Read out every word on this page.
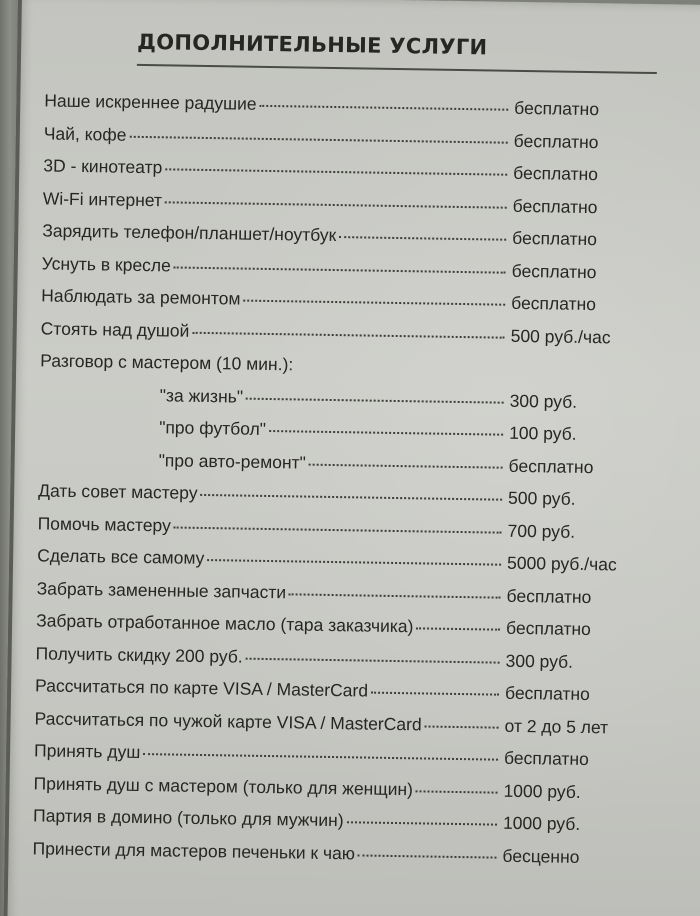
ДОПОЛНИТЕЛЬНЫЕ УСЛУГИ
Наше искреннее радушие	бесплатно
Чай, кофе	бесплатно
3D - кинотеатр	бесплатно
Wi-Fi интернет	бесплатно
Зарядить телефон/планшет/ноутбук	бесплатно
Уснуть в кресле	бесплатно
Наблюдать за ремонтом	бесплатно
Стоять над душой	500 руб./час
Разговор с мастером (10 мин.):
"за жизнь"	300 руб.
"про футбол"	100 руб.
"про авто-ремонт"	бесплатно
Дать совет мастеру	500 руб.
Помочь мастеру	700 руб.
Сделать все самому	5000 руб./час
Забрать замененные запчасти	бесплатно
Забрать отработанное масло (тара заказчика)	бесплатно
Получить скидку 200 руб.	300 руб.
Рассчитаться по карте VISA / MasterCard	бесплатно
Рассчитаться по чужой карте VISA / MasterCard	от 2 до 5 лет
Принять душ	бесплатно
Принять душ с мастером (только для женщин)	1000 руб.
Партия в домино (только для мужчин)	1000 руб.
Принести для мастеров печеньки к чаю	бесценно
